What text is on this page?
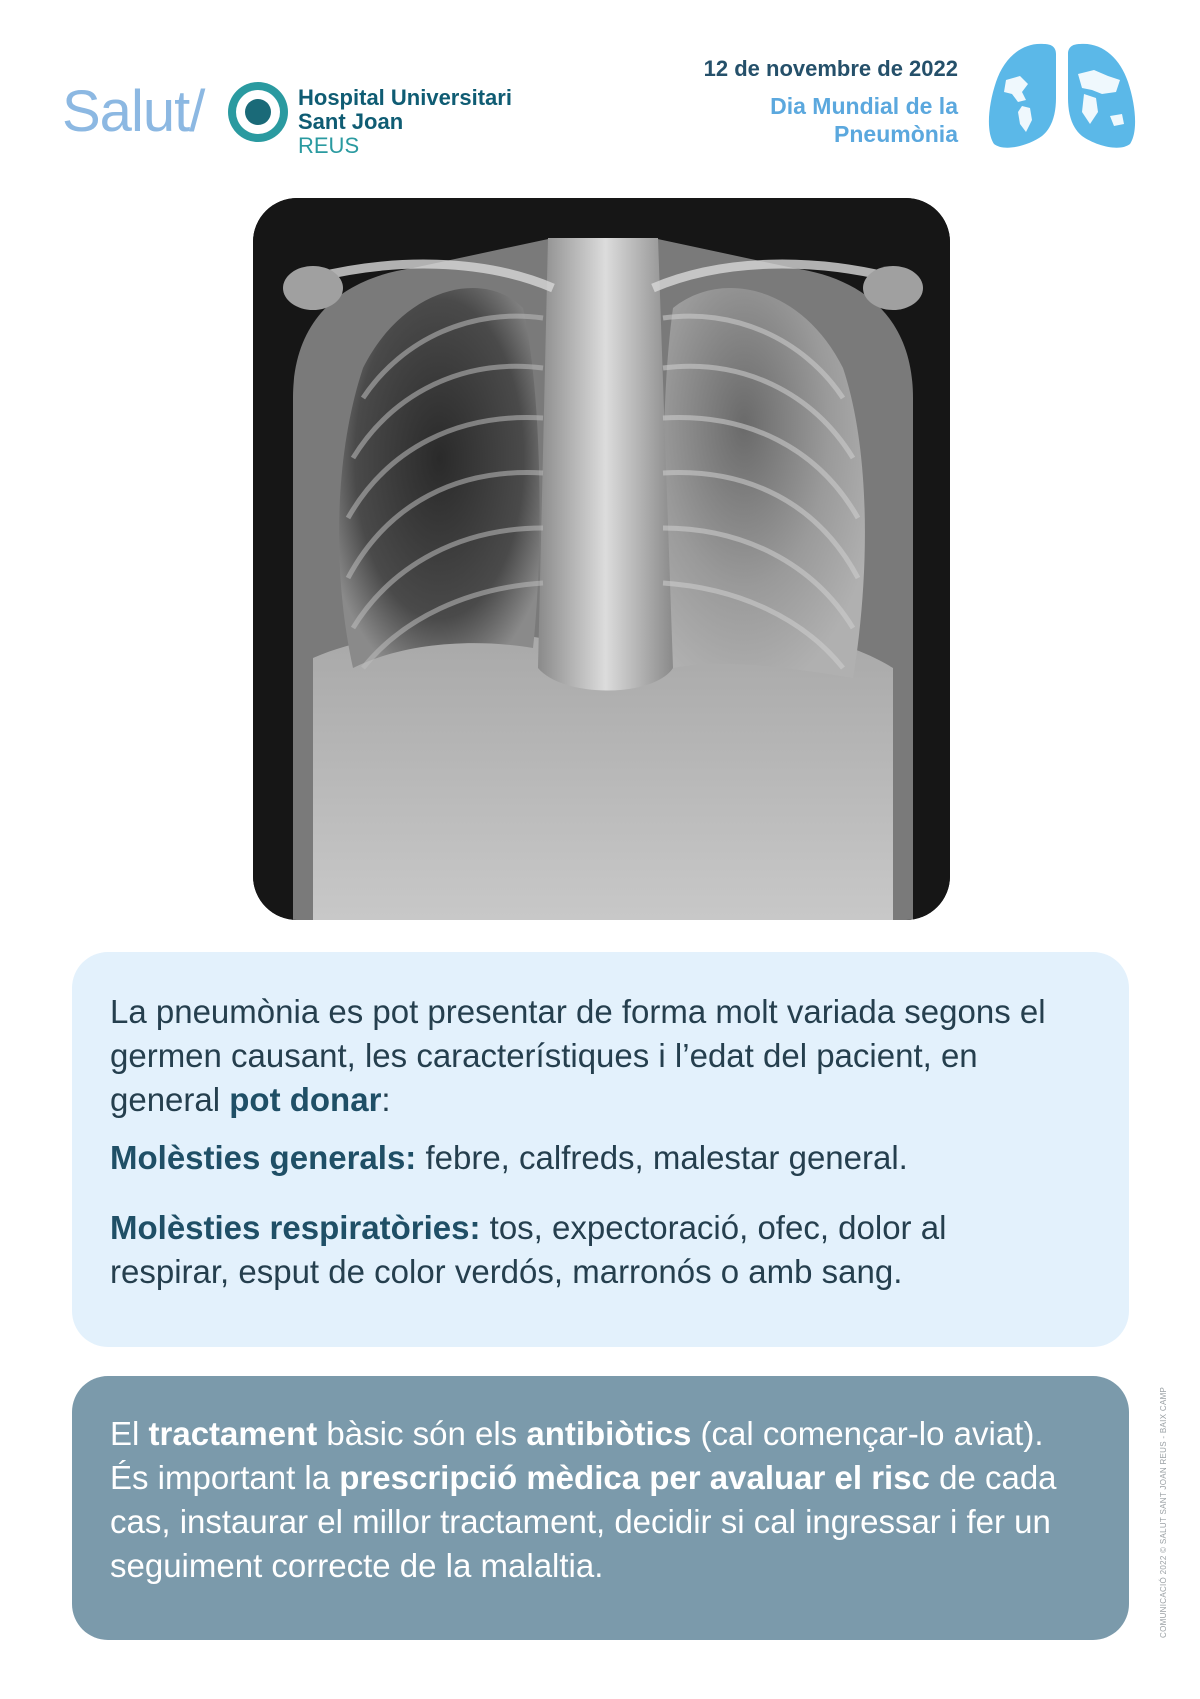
Salut/	Hospital Universitari
Sant Joan
REUS
12 de novembre de 2022
Dia Mundial de la
Pneumònia

La pneumònia es pot presentar de forma molt variada segons el germen causant, les característiques i l’edat del pacient, en general pot donar:

Molèsties generals: febre, calfreds, malestar general.

Molèsties respiratòries: tos, expectoració, ofec, dolor al respirar, esput de color verdós, marronós o amb sang.

El tractament bàsic són els antibiòtics (cal començar-lo aviat). És important la prescripció mèdica per avaluar el risc de cada cas, instaurar el millor tractament, decidir si cal ingressar i fer un seguiment correcte de la malaltia.	COMUNICACIÓ 2022 © SALUT SANT JOAN REUS - BAIX CAMP
